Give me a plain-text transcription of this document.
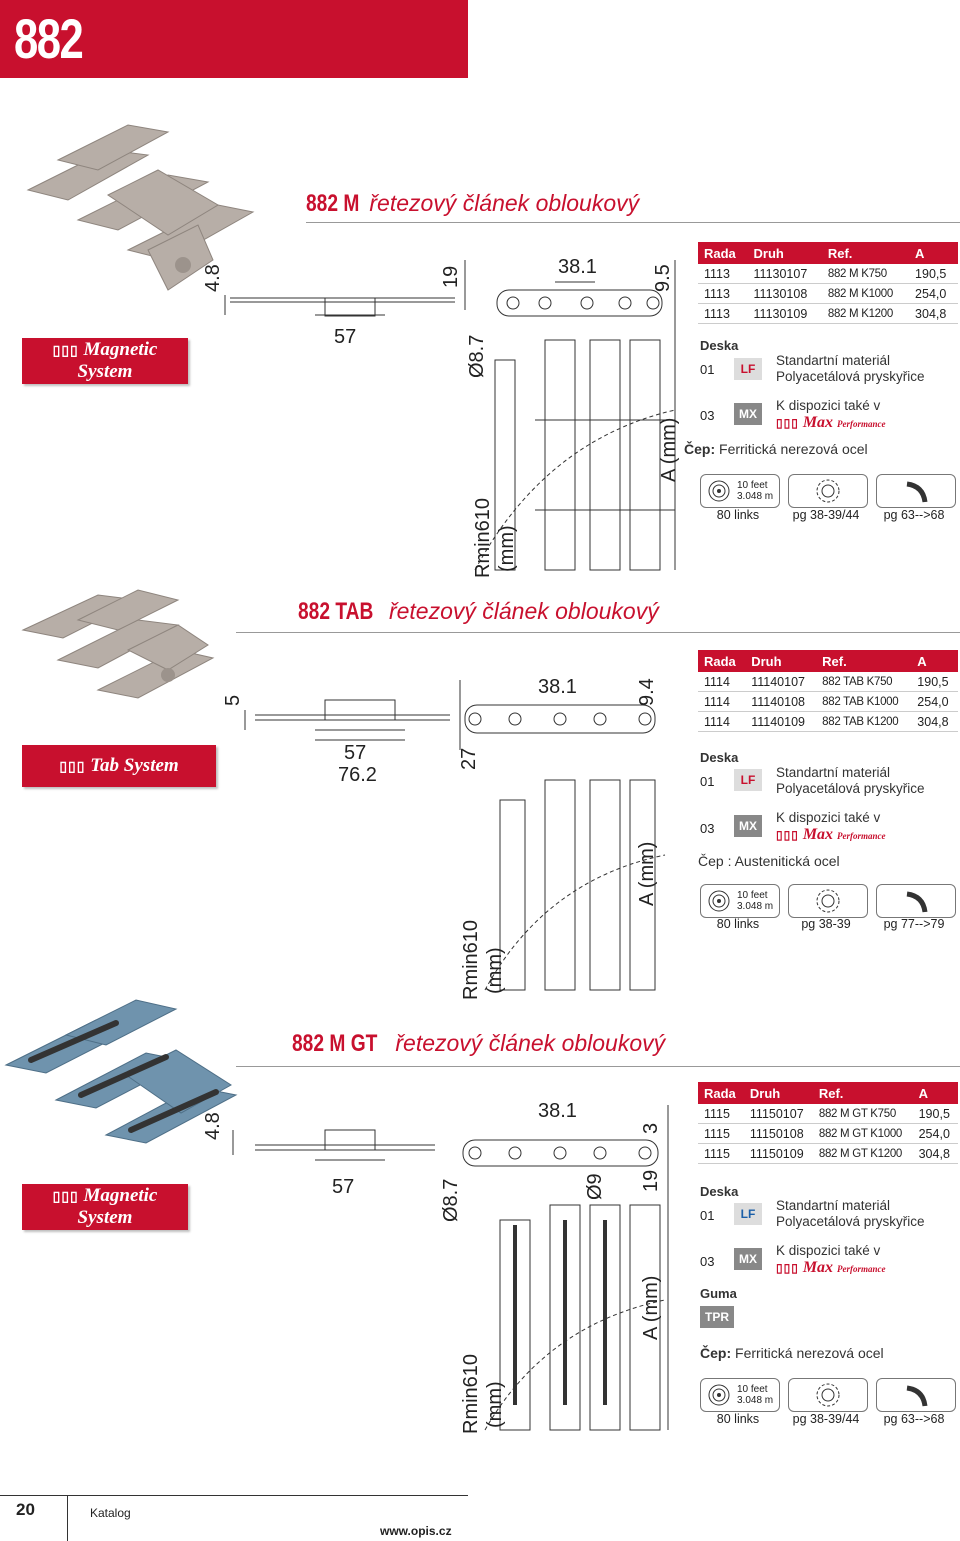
882
882 M řetezový článek obloukový
▯▯▯ Magnetic
System
4.8	19
57	Ø8.7
38.1	9.5
A (mm)
Rmin610 (mm)
Rada	Druh	Ref.	A
1113	11130107	882 M K750	190,5
1113	11130108	882 M K1000	254,0
1113	11130109	882 M K1200	304,8
Deska
01	LF
Standartní materiál
Polyacetálová pryskyřice
03	MX
K dispozici také v
▯▯▯ Max Performance
Čep: Ferritická nerezová ocel
10 feet
3.048 m
80 links	pg 38-39/44	pg 63-->68
882 TAB řetezový článek obloukový
▯▯▯ Tab System
5
57
76.2
27
38.1	9.4
A (mm)
Rmin610 (mm)
Rada	Druh	Ref.	A
1114	11140107	882 TAB K750	190,5
1114	11140108	882 TAB K1000	254,0
1114	11140109	882 TAB K1200	304,8
Deska
01	LF	Standartní materiál
Polyacetálová pryskyřice
03	MX
K dispozici také v
▯▯▯ Max Performance
Čep : Austenitická ocel
10 feet
3.048 m
80 links	pg 38-39	pg 77-->79
882 M GT řetezový článek obloukový
▯▯▯ Magnetic
System
4.8
57	Ø8.7
38.1
Ø9 19
3
A (mm)
Rmin610 (mm)
Rada	Druh	Ref.	A
1115	11150107	882 M GT K750	190,5
1115	11150108	882 M GT K1000	254,0
1115	11150109	882 M GT K1200	304,8
Deska
01	LF
Standartní materiál
Polyacetálová pryskyřice
03	MX
K dispozici také v
▯▯▯ Max Performance
Guma
TPR
Čep: Ferritická nerezová ocel
10 feet
3.048 m
80 links	pg 38-39/44	pg 63-->68
20	Katalog
www.opis.cz
